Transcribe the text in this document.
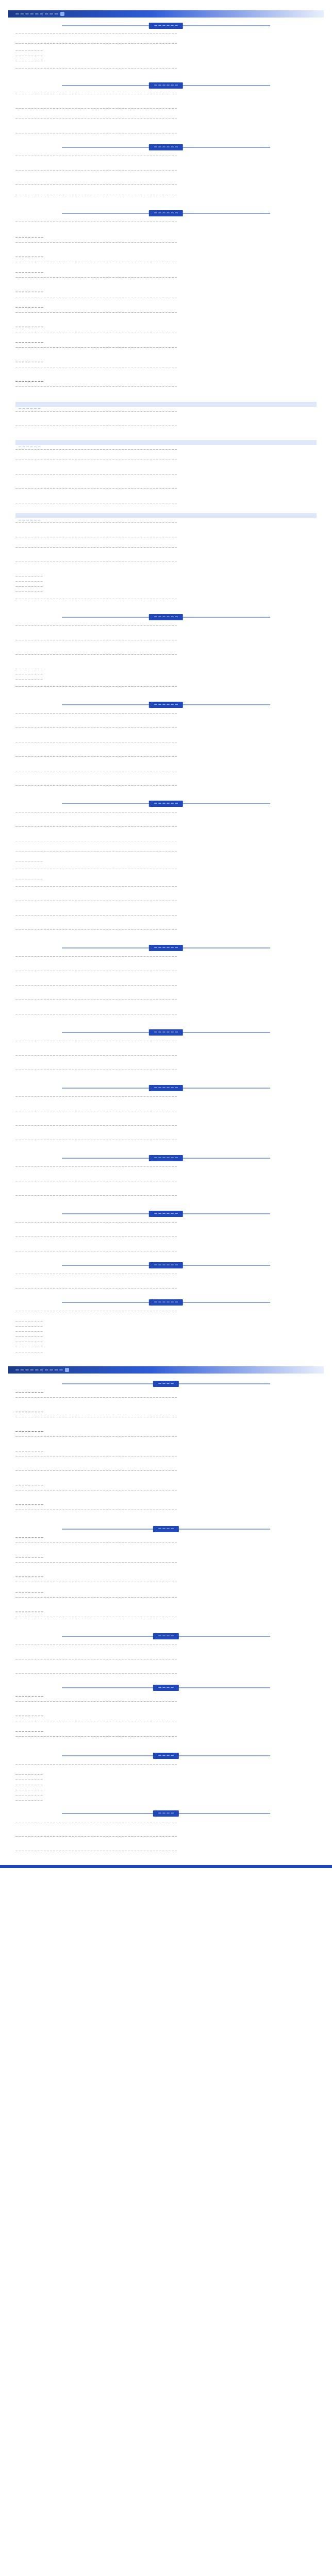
— — — — — — — — —
— — — — — —
— — — — — — — — — — — — — — — — — — — — — — — — — — — — — — — — — — — — — — — — — — — — — — — — — — — —
— — — — — — — — — — — — — — — — — — — — — — — — — — — — — — — — — — — — — — — — — — — — — — — — — — — —
— — — — — — — — —
— — — — — — — — —
— — — — — — — — —
— — — — — — — — — — — — — — — — — — — — — — — — — — — — — — — — — — — — — — — — — — — — — — — — — — — —
— — — — — —
— — — — — — — — — — — — — — — — — — — — — — — — — — — — — — — — — — — — — — — — — — — — — — — — — — — —
— — — — — — — — — — — — — — — — — — — — — — — — — — — — — — — — — — — — — — — — — — — — — — — — — — — —
— — — — — — — — — — — — — — — — — — — — — — — — — — — — — — — — — — — — — — — — — — — — — — — — — — — —
— — — — — — — — — — — — — — — — — — — — — — — — — — — — — — — — — — — — — — — — — — — — — — — — — — — —
— — — — — —
— — — — — — — — — — — — — — — — — — — — — — — — — — — — — — — — — — — — — — — — — — — — — — — — — — — —
— — — — — — — — — — — — — — — — — — — — — — — — — — — — — — — — — — — — — — — — — — — — — — — — — — — —
— — — — — — — — — — — — — — — — — — — — — — — — — — — — — — — — — — — — — — — — — — — — — — — — — — — —
— — — — — — — — — — — — — — — — — — — — — — — — — — — — — — — — — — — — — — — — — — — — — — — — — — — —
— — — — — —
— — — — — — — — — — — — — — — — — — — — — — — — — — — — — — — — — — — — — — — — — — — — — — — — — — — —
— — — — — — — — —
— — — — — — — — — — — — — — — — — — — — — — — — — — — — — — — — — — — — — — — — — — — — — — — — — — — —
— — — — — — — — —
— — — — — — — — — — — — — — — — — — — — — — — — — — — — — — — — — — — — — — — — — — — — — — — — — — — —
— — — — — — — — —
— — — — — — — — — — — — — — — — — — — — — — — — — — — — — — — — — — — — — — — — — — — — — — — — — — — —
— — — — — — — — —
— — — — — — — — — — — — — — — — — — — — — — — — — — — — — — — — — — — — — — — — — — — — — — — — — — — —
— — — — — — — — —
— — — — — — — — — — — — — — — — — — — — — — — — — — — — — — — — — — — — — — — — — — — — — — — — — — — —
— — — — — — — — —
— — — — — — — — — — — — — — — — — — — — — — — — — — — — — — — — — — — — — — — — — — — — — — — — — — — —
— — — — — — — — —
— — — — — — — — — — — — — — — — — — — — — — — — — — — — — — — — — — — — — — — — — — — — — — — — — — — —
— — — — — — — — —
— — — — — — — — — — — — — — — — — — — — — — — — — — — — — — — — — — — — — — — — — — — — — — — — — — — —
— — — — — — — — —
— — — — — — — — — — — — — — — — — — — — — — — — — — — — — — — — — — — — — — — — — — — — — — — — — — — —
— — — — — —
— — — — — — — — — — — — — — — — — — — — — — — — — — — — — — — — — — — — — — — — — — — — — — — — — — — —
— — — — — — — — — — — — — — — — — — — — — — — — — — — — — — — — — — — — — — — — — — — — — — — — — — — —
— — — — — —
— — — — — — — — — — — — — — — — — — — — — — — — — — — — — — — — — — — — — — — — — — — — — — — — — — — —
— — — — — — — — — — — — — — — — — — — — — — — — — — — — — — — — — — — — — — — — — — — — — — — — — — — —
— — — — — — — — — — — — — — — — — — — — — — — — — — — — — — — — — — — — — — — — — — — — — — — — — — — —
— — — — — — — — — — — — — — — — — — — — — — — — — — — — — — — — — — — — — — — — — — — — — — — — — — — —
— — — — — — — — — — — — — — — — — — — — — — — — — — — — — — — — — — — — — — — — — — — — — — — — — — — —
— — — — — —
— — — — — — — — — — — — — — — — — — — — — — — — — — — — — — — — — — — — — — — — — — — — — — — — — — — —
— — — — — — — — — — — — — — — — — — — — — — — — — — — — — — — — — — — — — — — — — — — — — — — — — — — —
— — — — — — — — — — — — — — — — — — — — — — — — — — — — — — — — — — — — — — — — — — — — — — — — — — — —
— — — — — — — — — — — — — — — — — — — — — — — — — — — — — — — — — — — — — — — — — — — — — — — — — — — —
— — — — — — — — —
— — — — — — — — —
— — — — — — — — —
— — — — — — — — —
— — — — — — — — — — — — — — — — — — — — — — — — — — — — — — — — — — — — — — — — — — — — — — — — — — — —
— — — — — —
— — — — — — — — — — — — — — — — — — — — — — — — — — — — — — — — — — — — — — — — — — — — — — — — — — — —
— — — — — — — — — — — — — — — — — — — — — — — — — — — — — — — — — — — — — — — — — — — — — — — — — — — —
— — — — — — — — — — — — — — — — — — — — — — — — — — — — — — — — — — — — — — — — — — — — — — — — — — — —
— — — — — — — — —
— — — — — — — — —
— — — — — — — — —
— — — — — — — — — — — — — — — — — — — — — — — — — — — — — — — — — — — — — — — — — — — — — — — — — — — —
— — — — — —
— — — — — — — — — — — — — — — — — — — — — — — — — — — — — — — — — — — — — — — — — — — — — — — — — — — —
— — — — — — — — — — — — — — — — — — — — — — — — — — — — — — — — — — — — — — — — — — — — — — — — — — — —
— — — — — — — — — — — — — — — — — — — — — — — — — — — — — — — — — — — — — — — — — — — — — — — — — — — —
— — — — — — — — — — — — — — — — — — — — — — — — — — — — — — — — — — — — — — — — — — — — — — — — — — — —
— — — — — — — — — — — — — — — — — — — — — — — — — — — — — — — — — — — — — — — — — — — — — — — — — — — —
— — — — — — — — — — — — — — — — — — — — — — — — — — — — — — — — — — — — — — — — — — — — — — — — — — — —
— — — — — —
— — — — — — — — — — — — — — — — — — — — — — — — — — — — — — — — — — — — — — — — — — — — — — — — — — — —
— — — — — — — — — — — — — — — — — — — — — — — — — — — — — — — — — — — — — — — — — — — — — — — — — — — —
— — — — — — — — — — — — — — — — — — — — — — — — — — — — — — — — — — — — — — — — — — — — — — — — — — — —
— — — — — — — — — — — — — — — — — — — — — — — — — — — — — — — — — — — — — — — — — — — — — — — — — — — —
— — — — — — — — —
— — — — — — — — — — — — — — — — — — — — — — — — — — — — — — — — — — — — — — — — — — — — — — — — — — — —
— — — — — — — — —
— — — — — — — — — — — — — — — — — — — — — — — — — — — — — — — — — — — — — — — — — — — — — — — — — — — —
— — — — — — — — — — — — — — — — — — — — — — — — — — — — — — — — — — — — — — — — — — — — — — — — — — — —
— — — — — — — — — — — — — — — — — — — — — — — — — — — — — — — — — — — — — — — — — — — — — — — — — — — —
— — — — — — — — — — — — — — — — — — — — — — — — — — — — — — — — — — — — — — — — — — — — — — — — — — — —
— — — — — —
— — — — — — — — — — — — — — — — — — — — — — — — — — — — — — — — — — — — — — — — — — — — — — — — — — — —
— — — — — — — — — — — — — — — — — — — — — — — — — — — — — — — — — — — — — — — — — — — — — — — — — — — —
— — — — — — — — — — — — — — — — — — — — — — — — — — — — — — — — — — — — — — — — — — — — — — — — — — — —
— — — — — — — — — — — — — — — — — — — — — — — — — — — — — — — — — — — — — — — — — — — — — — — — — — — —
— — — — — — — — — — — — — — — — — — — — — — — — — — — — — — — — — — — — — — — — — — — — — — — — — — — —
— — — — — —
— — — — — — — — — — — — — — — — — — — — — — — — — — — — — — — — — — — — — — — — — — — — — — — — — — — —
— — — — — — — — — — — — — — — — — — — — — — — — — — — — — — — — — — — — — — — — — — — — — — — — — — — —
— — — — — — — — — — — — — — — — — — — — — — — — — — — — — — — — — — — — — — — — — — — — — — — — — — — —
— — — — — —
— — — — — — — — — — — — — — — — — — — — — — — — — — — — — — — — — — — — — — — — — — — — — — — — — — — —
— — — — — — — — — — — — — — — — — — — — — — — — — — — — — — — — — — — — — — — — — — — — — — — — — — — —
— — — — — — — — — — — — — — — — — — — — — — — — — — — — — — — — — — — — — — — — — — — — — — — — — — — —
— — — — — — — — — — — — — — — — — — — — — — — — — — — — — — — — — — — — — — — — — — — — — — — — — — — —
— — — — — —
— — — — — — — — — — — — — — — — — — — — — — — — — — — — — — — — — — — — — — — — — — — — — — — — — — — —
— — — — — — — — — — — — — — — — — — — — — — — — — — — — — — — — — — — — — — — — — — — — — — — — — — — —
— — — — — — — — — — — — — — — — — — — — — — — — — — — — — — — — — — — — — — — — — — — — — — — — — — — —
— — — — — —
— — — — — — — — — — — — — — — — — — — — — — — — — — — — — — — — — — — — — — — — — — — — — — — — — — — —
— — — — — — — — — — — — — — — — — — — — — — — — — — — — — — — — — — — — — — — — — — — — — — — — — — — —
— — — — — — — — — — — — — — — — — — — — — — — — — — — — — — — — — — — — — — — — — — — — — — — — — — — —
— — — — — —
— — — — — — — — — — — — — — — — — — — — — — — — — — — — — — — — — — — — — — — — — — — — — — — — — — — —
— — — — — — — — — — — — — — — — — — — — — — — — — — — — — — — — — — — — — — — — — — — — — — — — — — — —
— — — — — —
— — — — — — — — — — — — — — — — — — — — — — — — — — — — — — — — — — — — — — — — — — — — — — — — — — — —
— — — — — — — — —
— — — — — — — — —
— — — — — — — — —
— — — — — — — — —
— — — — — — — — —
— — — — — — — — —
— — — — — — — — —
— — — — — — — — — —
— — — —
— — — — — — — — —
— — — — — — — — — — — — — — — — — — — — — — — — — — — — — — — — — — — — — — — — — — — — — — — — — — — —
— — — — — — — — —
— — — — — — — — — — — — — — — — — — — — — — — — — — — — — — — — — — — — — — — — — — — — — — — — — — — —
— — — — — — — — —
— — — — — — — — — — — — — — — — — — — — — — — — — — — — — — — — — — — — — — — — — — — — — — — — — — — —
— — — — — — — — —
— — — — — — — — — — — — — — — — — — — — — — — — — — — — — — — — — — — — — — — — — — — — — — — — — — — —
— — — — — — — — — — — — — — — — — — — — — — — — — — — — — — — — — — — — — — — — — — — — — — — — — — — —
— — — — — — — — —
— — — — — — — — — — — — — — — — — — — — — — — — — — — — — — — — — — — — — — — — — — — — — — — — — — — —
— — — — — — — — —
— — — — — — — — — — — — — — — — — — — — — — — — — — — — — — — — — — — — — — — — — — — — — — — — — — — —
— — — —
— — — — — — — — —
— — — — — — — — — — — — — — — — — — — — — — — — — — — — — — — — — — — — — — — — — — — — — — — — — — — —
— — — — — — — — —
— — — — — — — — — — — — — — — — — — — — — — — — — — — — — — — — — — — — — — — — — — — — — — — — — — — —
— — — — — — — — —
— — — — — — — — — — — — — — — — — — — — — — — — — — — — — — — — — — — — — — — — — — — — — — — — — — — —
— — — — — — — — —
— — — — — — — — — — — — — — — — — — — — — — — — — — — — — — — — — — — — — — — — — — — — — — — — — — — —
— — — — — — — — —
— — — — — — — — — — — — — — — — — — — — — — — — — — — — — — — — — — — — — — — — — — — — — — — — — — — —
— — — —
— — — — — — — — — — — — — — — — — — — — — — — — — — — — — — — — — — — — — — — — — — — — — — — — — — — —
— — — — — — — — — — — — — — — — — — — — — — — — — — — — — — — — — — — — — — — — — — — — — — — — — — — —
— — — — — — — — — — — — — — — — — — — — — — — — — — — — — — — — — — — — — — — — — — — — — — — — — — — —
— — — —
— — — — — — — — —
— — — — — — — — — — — — — — — — — — — — — — — — — — — — — — — — — — — — — — — — — — — — — — — — — — — —
— — — — — — — — —
— — — — — — — — — — — — — — — — — — — — — — — — — — — — — — — — — — — — — — — — — — — — — — — — — — — —
— — — — — — — — —
— — — — — — — — — — — — — — — — — — — — — — — — — — — — — — — — — — — — — — — — — — — — — — — — — — — —
— — — —
— — — — — — — — — — — — — — — — — — — — — — — — — — — — — — — — — — — — — — — — — — — — — — — — — — — —
— — — — — — — — —
— — — — — — — — —
— — — — — — — — —
— — — — — — — — —
— — — — — — — — —
— — — — — — — — —
— — — —
— — — — — — — — — — — — — — — — — — — — — — — — — — — — — — — — — — — — — — — — — — — — — — — — — — — —
— — — — — — — — — — — — — — — — — — — — — — — — — — — — — — — — — — — — — — — — — — — — — — — — — — — —
— — — — — — — — — — — — — — — — — — — — — — — — — — — — — — — — — — — — — — — — — — — — — — — — — — — —
